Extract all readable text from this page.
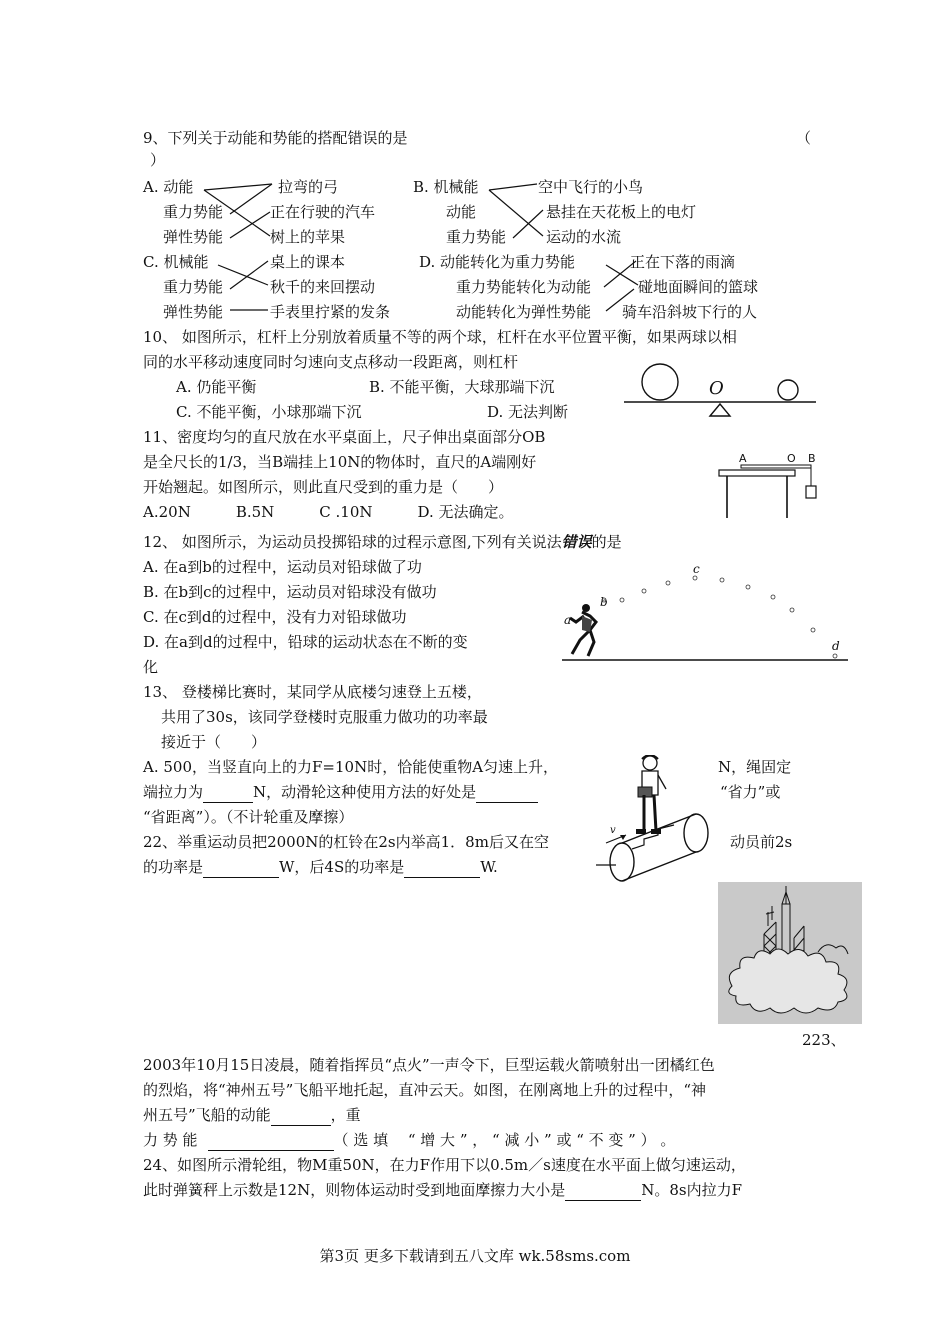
9、下列关于动能和势能的搭配错误的是	（
）
A. 动能
重力势能
弹性势能
拉弯的弓
正在行驶的汽车
树上的苹果
B. 机械能
动能
重力势能
空中飞行的小鸟
悬挂在天花板上的电灯
运动的水流
C. 机械能
重力势能
弹性势能
桌上的课本
秋千的来回摆动
手表里拧紧的发条
D. 动能转化为重力势能
重力势能转化为动能
动能转化为弹性势能
正在下落的雨滴
碰地面瞬间的篮球
骑车沿斜坡下行的人
10、 如图所示，杠杆上分别放着质量不等的两个球，杠杆在水平位置平衡，如果两球以相
同的水平移动速度同时匀速向支点移动一段距离，则杠杆
A. 仍能平衡	B. 不能平衡，大球那端下沉
C. 不能平衡，小球那端下沉	D. 无法判断
O
11、密度均匀的直尺放在水平桌面上，尺子伸出桌面部分OB
是全尺长的1/3，当B端挂上10N的物体时，直尺的A端刚好
开始翘起。如图所示，则此直尺受到的重力是（　　）
A.20N　　　B.5N　　　C .10N　　　D. 无法确定。
A	O B
12、 如图所示，为运动员投掷铅球的过程示意图,下列有关说法错误的是
A. 在a到b的过程中，运动员对铅球做了功
B. 在b到c的过程中，运动员对铅球没有做功
C. 在c到d的过程中，没有力对铅球做功
D. 在a到d的过程中，铅球的运动状态在不断的变
化
c
b
a
d
13、 登楼梯比赛时，某同学从底楼匀速登上五楼，
共用了30s，该同学登楼时克服重力做功的功率最
接近于（　　）
A. 500，当竖直向上的力F=10N时，恰能使重物A匀速上升，	N，绳固定
端拉力为	N，动滑轮这种使用方法的好处是	“省力”或
“省距离”）。（不计轮重及摩擦）
v
22、举重运动员把2000N的杠铃在2s内举高1．8m后又在空	动员前2s
的功率是	W，后4S的功率是	W.
223、
2003年10月15日凌晨，随着指挥员“点火”一声令下，巨型运载火箭喷射出一团橘红色
的烈焰，将“神州五号”飞船平地托起，直冲云天。如图，在刚离地上升的过程中，“神
州五号”飞船的动能	，重
力 势 能	（ 选 填　 “ 增 大 ” ， “ 减 小 ” 或 “ 不 变 ” ） 。
24、如图所示滑轮组，物M重50N，在力F作用下以0.5m／s速度在水平面上做匀速运动，
此时弹簧秤上示数是12N，则物体运动时受到地面摩擦力大小是	N。8s内拉力F
第3页 更多下载请到五八文库 wk.58sms.com
